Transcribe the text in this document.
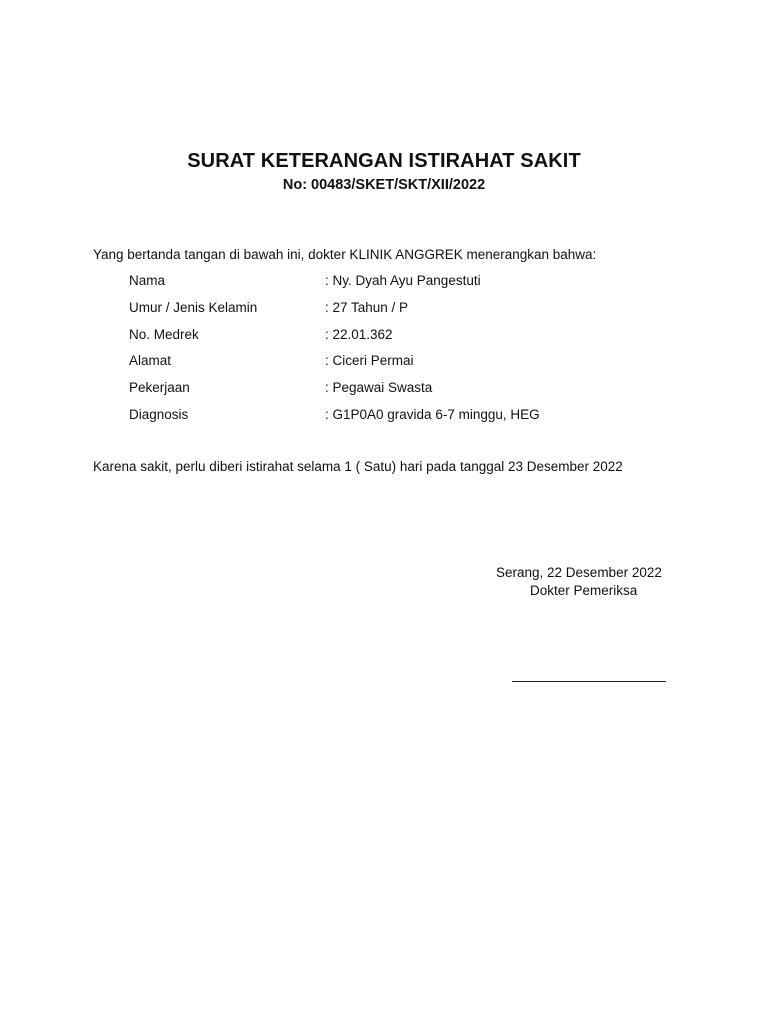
SURAT KETERANGAN ISTIRAHAT SAKIT
No: 00483/SKET/SKT/XII/2022
Yang bertanda tangan di bawah ini, dokter KLINIK ANGGREK menerangkan bahwa:
Nama	: Ny. Dyah Ayu Pangestuti
Umur / Jenis Kelamin	: 27 Tahun / P
No. Medrek	: 22.01.362
Alamat	: Ciceri Permai
Pekerjaan	: Pegawai Swasta
Diagnosis	: G1P0A0 gravida 6-7 minggu, HEG
Karena sakit, perlu diberi istirahat selama 1 ( Satu) hari pada tanggal 23 Desember 2022
Serang, 22 Desember 2022
Dokter Pemeriksa
